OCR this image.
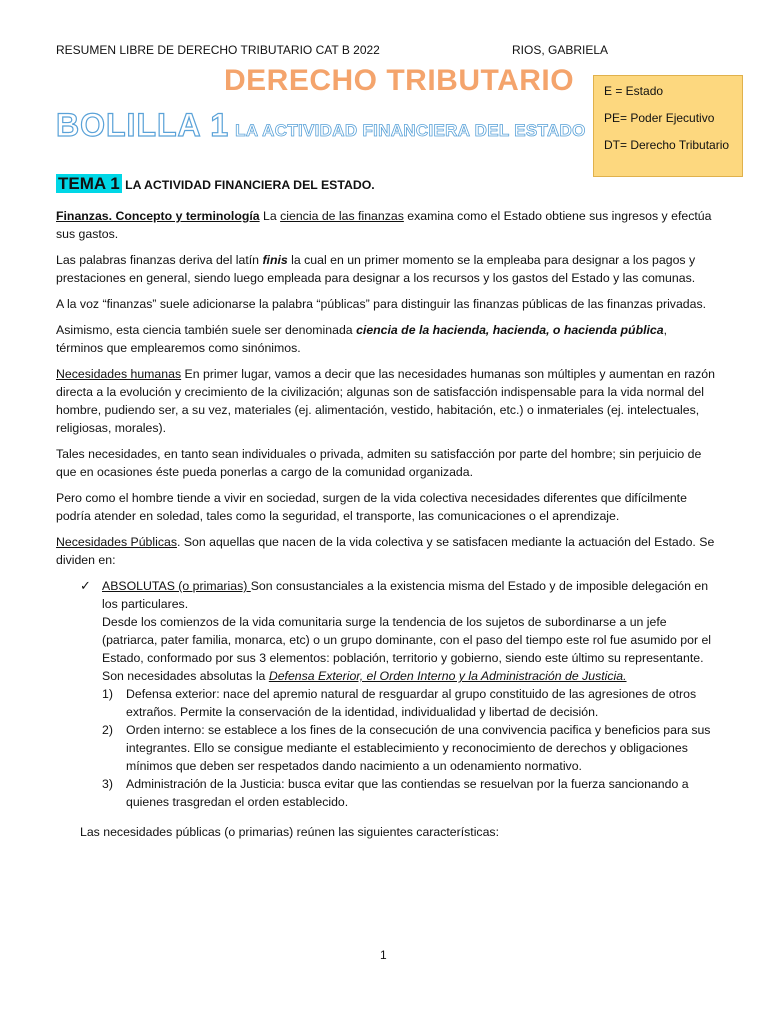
RESUMEN LIBRE DE DERECHO TRIBUTARIO CAT B 2022	RIOS, GABRIELA
DERECHO TRIBUTARIO
BOLILLA 1 LA ACTIVIDAD FINANCIERA DEL ESTADO
E = Estado
PE= Poder Ejecutivo
DT= Derecho Tributario
TEMA 1 LA ACTIVIDAD FINANCIERA DEL ESTADO.

Finanzas. Concepto y terminología La ciencia de las finanzas examina como el Estado obtiene sus ingresos y efectúa sus gastos.

Las palabras finanzas deriva del latín finis la cual en un primer momento se la empleaba para designar a los pagos y prestaciones en general, siendo luego empleada para designar a los recursos y los gastos del Estado y las comunas.

A la voz “finanzas” suele adicionarse la palabra “públicas” para distinguir las finanzas públicas de las finanzas privadas.

Asimismo, esta ciencia también suele ser denominada ciencia de la hacienda, hacienda, o hacienda pública, términos que emplearemos como sinónimos.

Necesidades humanas En primer lugar, vamos a decir que las necesidades humanas son múltiples y aumentan en razón directa a la evolución y crecimiento de la civilización; algunas son de satisfacción indispensable para la vida normal del hombre, pudiendo ser, a su vez, materiales (ej. alimentación, vestido, habitación, etc.) o inmateriales (ej. intelectuales, religiosas, morales).

Tales necesidades, en tanto sean individuales o privada, admiten su satisfacción por parte del hombre; sin perjuicio de que en ocasiones éste pueda ponerlas a cargo de la comunidad organizada.

Pero como el hombre tiende a vivir en sociedad, surgen de la vida colectiva necesidades diferentes que difícilmente podría atender en soledad, tales como la seguridad, el transporte, las comunicaciones o el aprendizaje.

Necesidades Públicas. Son aquellas que nacen de la vida colectiva y se satisfacen mediante la actuación del Estado. Se dividen en:

✓ ABSOLUTAS (o primarias) Son consustanciales a la existencia misma del Estado y de imposible delegación en los particulares.
Desde los comienzos de la vida comunitaria surge la tendencia de los sujetos de subordinarse a un jefe (patriarca, pater familia, monarca, etc) o un grupo dominante, con el paso del tiempo este rol fue asumido por el Estado, conformado por sus 3 elementos: población, territorio y gobierno, siendo este último su representante.
Son necesidades absolutas la Defensa Exterior, el Orden Interno y la Administración de Justicia.
1) Defensa exterior: nace del apremio natural de resguardar al grupo constituido de las agresiones de otros extraños. Permite la conservación de la identidad, individualidad y libertad de decisión.
2) Orden interno: se establece a los fines de la consecución de una convivencia pacifica y beneficios para sus integrantes. Ello se consigue mediante el establecimiento y reconocimiento de derechos y obligaciones mínimos que deben ser respetados dando nacimiento a un odenamiento normativo.
3) Administración de la Justicia: busca evitar que las contiendas se resuelvan por la fuerza sancionando a quienes trasgredan el orden establecido.
Las necesidades públicas (o primarias) reúnen las siguientes características:
1
